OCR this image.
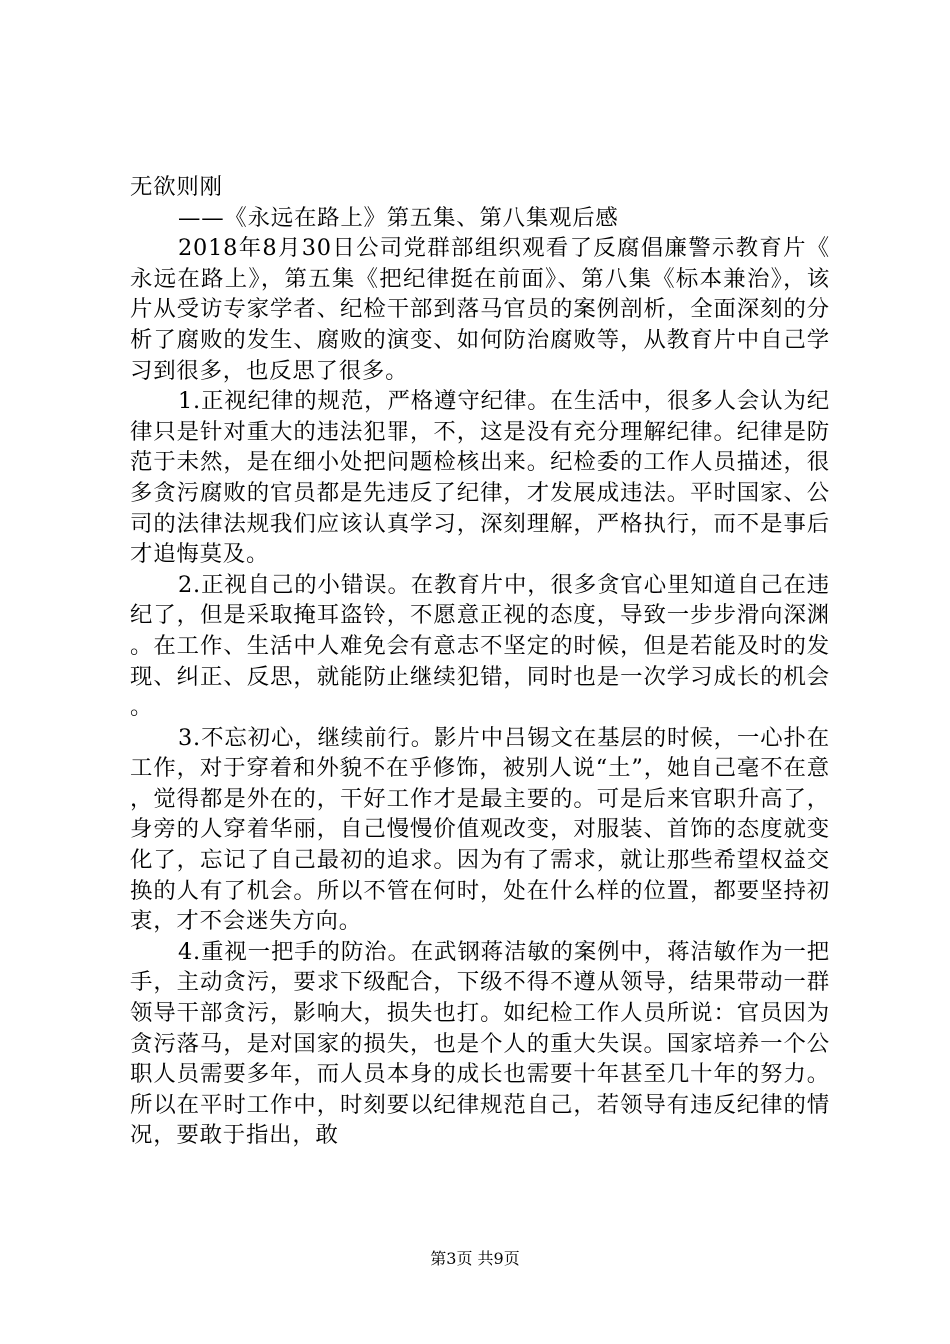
无欲则刚

——《永远在路上》第五集、第八集观后感

2018年8月30日公司党群部组织观看了反腐倡廉警示教育片《永远在路上》，第五集《把纪律挺在前面》、第八集《标本兼治》，该片从受访专家学者、纪检干部到落马官员的案例剖析，全面深刻的分析了腐败的发生、腐败的演变、如何防治腐败等，从教育片中自己学习到很多，也反思了很多。

1.正视纪律的规范，严格遵守纪律。在生活中，很多人会认为纪律只是针对重大的违法犯罪，不，这是没有充分理解纪律。纪律是防范于未然，是在细小处把问题检核出来。纪检委的工作人员描述，很多贪污腐败的官员都是先违反了纪律，才发展成违法。平时国家、公司的法律法规我们应该认真学习，深刻理解，严格执行，而不是事后才追悔莫及。

2.正视自己的小错误。在教育片中，很多贪官心里知道自己在违纪了，但是采取掩耳盗铃，不愿意正视的态度，导致一步步滑向深渊。在工作、生活中人难免会有意志不坚定的时候，但是若能及时的发现、纠正、反思，就能防止继续犯错，同时也是一次学习成长的机会。

3.不忘初心，继续前行。影片中吕锡文在基层的时候，一心扑在工作，对于穿着和外貌不在乎修饰，被别人说“土”，她自己毫不在意，觉得都是外在的，干好工作才是最主要的。可是后来官职升高了，身旁的人穿着华丽，自己慢慢价值观改变，对服装、首饰的态度就变化了，忘记了自己最初的追求。因为有了需求，就让那些希望权益交换的人有了机会。所以不管在何时，处在什么样的位置，都要坚持初衷，才不会迷失方向。

4.重视一把手的防治。在武钢蒋洁敏的案例中，蒋洁敏作为一把手，主动贪污，要求下级配合，下级不得不遵从领导，结果带动一群领导干部贪污，影响大，损失也打。如纪检工作人员所说：官员因为贪污落马，是对国家的损失，也是个人的重大失误。国家培养一个公职人员需要多年，而人员本身的成长也需要十年甚至几十年的努力。所以在平时工作中，时刻要以纪律规范自己，若领导有违反纪律的情况，要敢于指出，敢

第3页 共9页
